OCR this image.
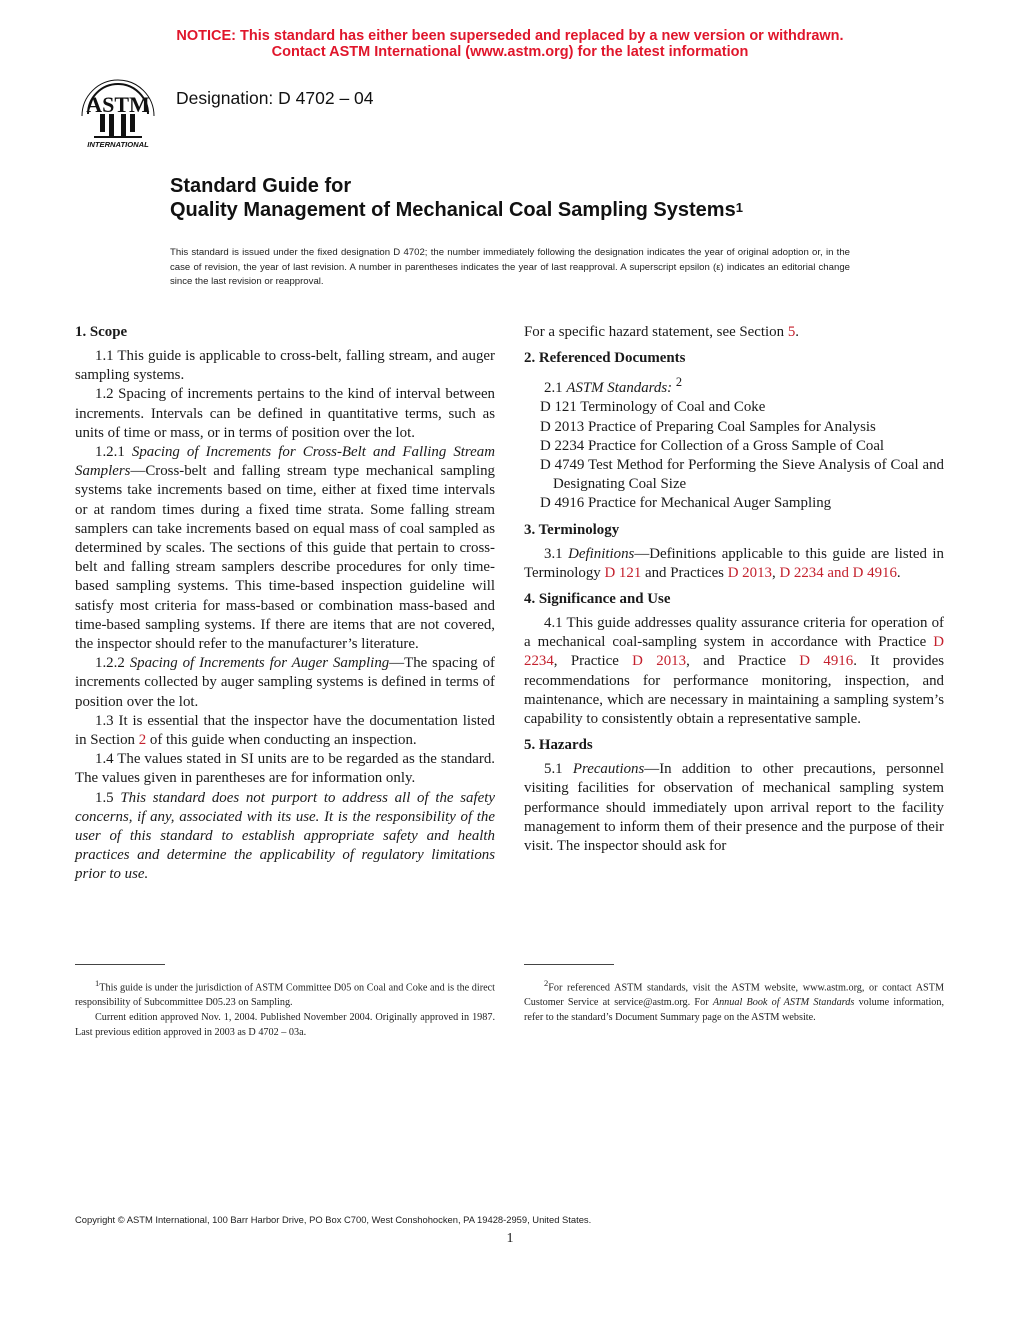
NOTICE: This standard has either been superseded and replaced by a new version or withdrawn.
Contact ASTM International (www.astm.org) for the latest information
ASTM
INTERNATIONAL
Designation: D 4702 – 04
Standard Guide for
Quality Management of Mechanical Coal Sampling Systems$^1$
This standard is issued under the fixed designation D 4702; the number immediately following the designation indicates the year of original adoption or, in the case of revision, the year of last revision. A number in parentheses indicates the year of last reapproval. A superscript epsilon (ε) indicates an editorial change since the last revision or reapproval.
1. Scope

1.1 This guide is applicable to cross-belt, falling stream, and auger sampling systems.

1.2 Spacing of increments pertains to the kind of interval between increments. Intervals can be defined in quantitative terms, such as units of time or mass, or in terms of position over the lot.

1.2.1 Spacing of Increments for Cross-Belt and Falling Stream Samplers—Cross-belt and falling stream type mechanical sampling systems take increments based on time, either at fixed time intervals or at random times during a fixed time strata. Some falling stream samplers can take increments based on equal mass of coal sampled as determined by scales. The sections of this guide that pertain to cross-belt and falling stream samplers describe procedures for only time-based sampling systems. This time-based inspection guideline will satisfy most criteria for mass-based or combination mass-based and time-based sampling systems. If there are items that are not covered, the inspector should refer to the manufacturer’s literature.

1.2.2 Spacing of Increments for Auger Sampling—The spacing of increments collected by auger sampling systems is defined in terms of position over the lot.

1.3 It is essential that the inspector have the documentation listed in Section 2 of this guide when conducting an inspection.

1.4 The values stated in SI units are to be regarded as the standard. The values given in parentheses are for information only.

1.5 This standard does not purport to address all of the safety concerns, if any, associated with its use. It is the responsibility of the user of this standard to establish appropriate safety and health practices and determine the applicability of regulatory limitations prior to use.

$^1$This guide is under the jurisdiction of ASTM Committee D05 on Coal and Coke and is the direct responsibility of Subcommittee D05.23 on Sampling.

Current edition approved Nov. 1, 2004. Published November 2004. Originally approved in 1987. Last previous edition approved in 2003 as D 4702 – 03a.

For a specific hazard statement, see Section 5.

2. Referenced Documents

2.1 ASTM Standards: $^2$

D 121 Terminology of Coal and Coke

D 2013 Practice of Preparing Coal Samples for Analysis

D 2234 Practice for Collection of a Gross Sample of Coal

D 4749 Test Method for Performing the Sieve Analysis of Coal and Designating Coal Size

D 4916 Practice for Mechanical Auger Sampling

3. Terminology

3.1 Definitions—Definitions applicable to this guide are listed in Terminology D 121 and Practices D 2013, D 2234 and D 4916.

4. Significance and Use

4.1 This guide addresses quality assurance criteria for operation of a mechanical coal-sampling system in accordance with Practice D 2234, Practice D 2013, and Practice D 4916. It provides recommendations for performance monitoring, inspection, and maintenance, which are necessary in maintaining a sampling system’s capability to consistently obtain a representative sample.

5. Hazards

5.1 Precautions—In addition to other precautions, personnel visiting facilities for observation of mechanical sampling system performance should immediately upon arrival report to the facility management to inform them of their presence and the purpose of their visit. The inspector should ask for

$^2$For referenced ASTM standards, visit the ASTM website, www.astm.org, or contact ASTM Customer Service at service@astm.org. For Annual Book of ASTM Standards volume information, refer to the standard’s Document Summary page on the ASTM website.

Copyright © ASTM International, 100 Barr Harbor Drive, PO Box C700, West Conshohocken, PA 19428-2959, United States.
1
